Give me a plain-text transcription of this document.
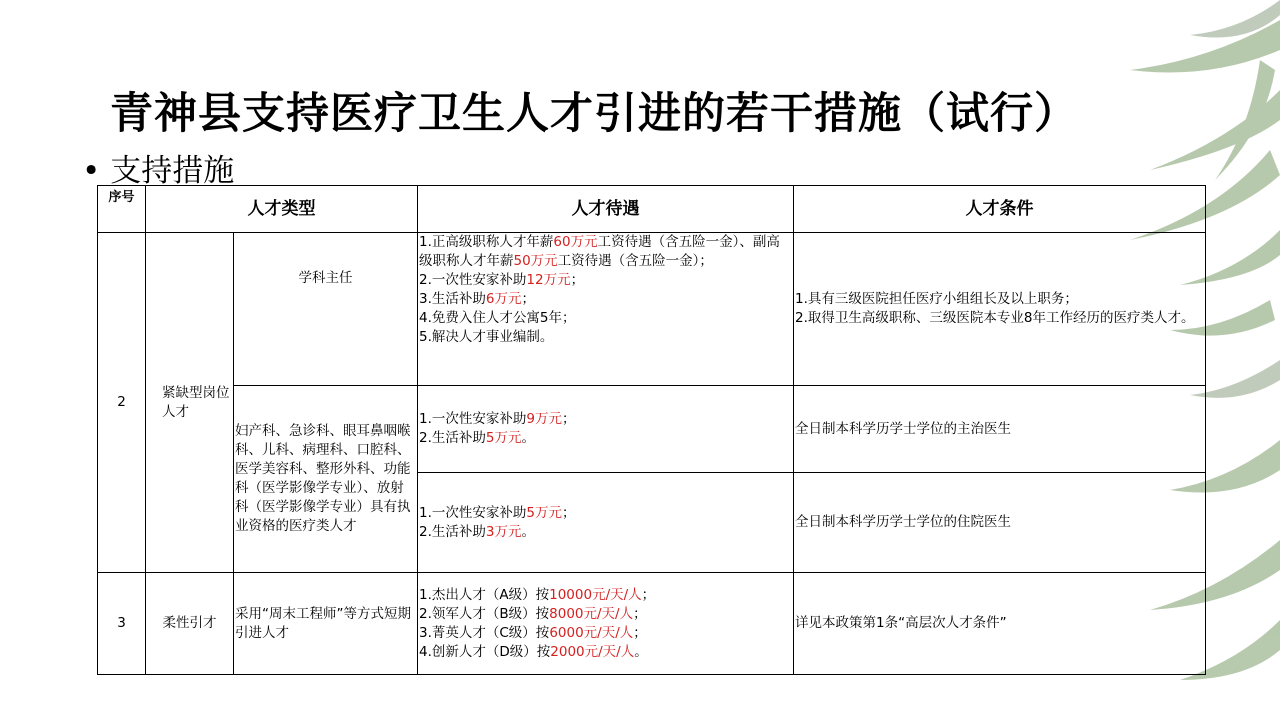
青神县支持医疗卫生人才引进的若干措施（试行）
• 支持措施
序号	人才类型		人才待遇	人才条件
2	紧缺型岗位人才	学科主任	1.正高级职称人才年薪60万元工资待遇（含五险一金）、副高级职称人才年薪50万元工资待遇（含五险一金）；
2.一次性安家补助12万元；
3.生活补助6万元；
4.免费入住人才公寓5年；
5.解决人才事业编制。	1.具有三级医院担任医疗小组组长及以上职务；
2.取得卫生高级职称、三级医院本专业8年工作经历的医疗类人才。

		妇产科、急诊科、眼耳鼻咽喉科、儿科、病理科、口腔科、医学美容科、整形外科、功能科（医学影像学专业）、放射科（医学影像学专业）具有执业资格的医疗类人才	1.一次性安家补助9万元；
2.生活补助5万元。	全日制本科学历学士学位的主治医生

			1.一次性安家补助5万元；
2.生活补助3万元。	全日制本科学历学士学位的住院医生
3	柔性引才	采用“周末工程师”等方式短期引进人才	1.杰出人才（A级）按10000元/天/人；
2.领军人才（B级）按8000元/天/人；
3.菁英人才（C级）按6000元/天/人；
4.创新人才（D级）按2000元/天/人。	详见本政策第1条“高层次人才条件”
